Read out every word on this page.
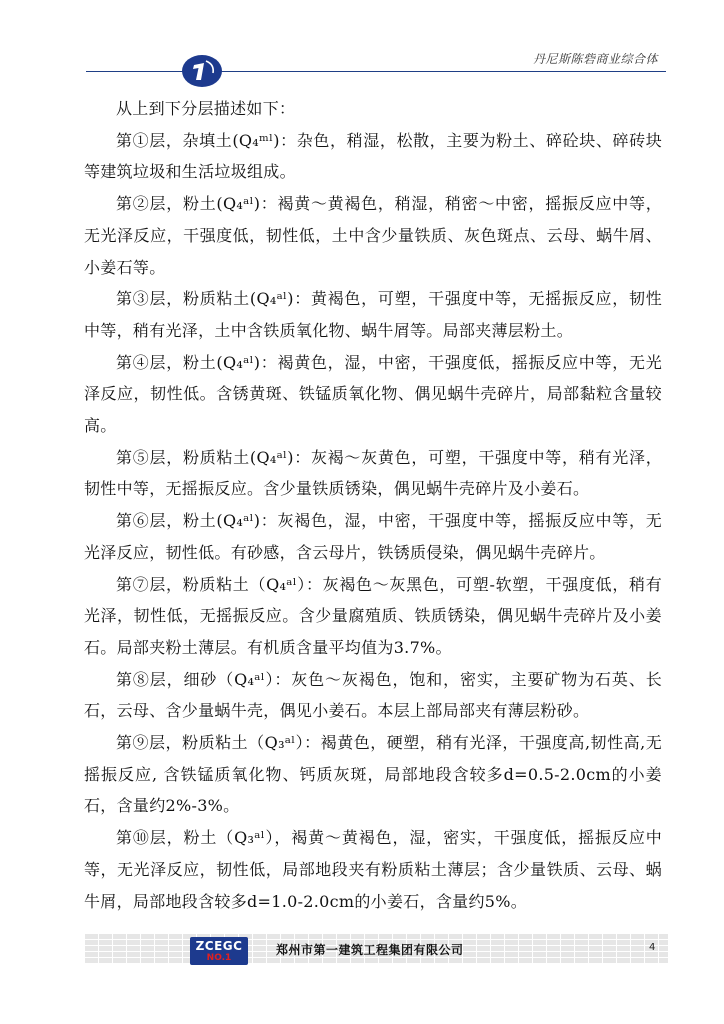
丹尼斯陈砦商业综合体

从上到下分层描述如下：

第①层，杂填土(Q₄ᵐˡ)：杂色，稍湿，松散，主要为粉土、碎砼块、碎砖块等建筑垃圾和生活垃圾组成。

第②层，粉土(Q₄ᵃˡ)：褐黄～黄褐色，稍湿，稍密～中密，摇振反应中等，无光泽反应，干强度低，韧性低，土中含少量铁质、灰色斑点、云母、蜗牛屑、小姜石等。

第③层，粉质粘土(Q₄ᵃˡ)：黄褐色，可塑，干强度中等，无摇振反应，韧性中等，稍有光泽，土中含铁质氧化物、蜗牛屑等。局部夹薄层粉土。

第④层，粉土(Q₄ᵃˡ)：褐黄色，湿，中密，干强度低，摇振反应中等，无光泽反应，韧性低。含锈黄斑、铁锰质氧化物、偶见蜗牛壳碎片，局部黏粒含量较高。

第⑤层，粉质粘土(Q₄ᵃˡ)：灰褐～灰黄色，可塑，干强度中等，稍有光泽，韧性中等，无摇振反应。含少量铁质锈染，偶见蜗牛壳碎片及小姜石。

第⑥层，粉土(Q₄ᵃˡ)：灰褐色，湿，中密，干强度中等，摇振反应中等，无光泽反应，韧性低。有砂感，含云母片，铁锈质侵染，偶见蜗牛壳碎片。

第⑦层，粉质粘土（Q₄ᵃˡ）：灰褐色～灰黑色，可塑-软塑，干强度低，稍有光泽，韧性低，无摇振反应。含少量腐殖质、铁质锈染，偶见蜗牛壳碎片及小姜石。局部夹粉土薄层。有机质含量平均值为3.7%。

第⑧层，细砂（Q₄ᵃˡ）：灰色～灰褐色，饱和，密实，主要矿物为石英、长石，云母、含少量蜗牛壳，偶见小姜石。本层上部局部夹有薄层粉砂。

第⑨层，粉质粘土（Q₃ᵃˡ）：褐黄色，硬塑，稍有光泽，干强度高,韧性高,无摇振反应, 含铁锰质氧化物、钙质灰斑，局部地段含较多d=0.5-2.0cm的小姜石，含量约2%-3%。

第⑩层，粉土（Q₃ᵃˡ），褐黄～黄褐色，湿，密实，干强度低，摇振反应中等，无光泽反应，韧性低，局部地段夹有粉质粘土薄层；含少量铁质、云母、蜗牛屑，局部地段含较多d=1.0-2.0cm的小姜石，含量约5%。

ZCEGC
NO.1
郑州市第一建筑工程集团有限公司	4
